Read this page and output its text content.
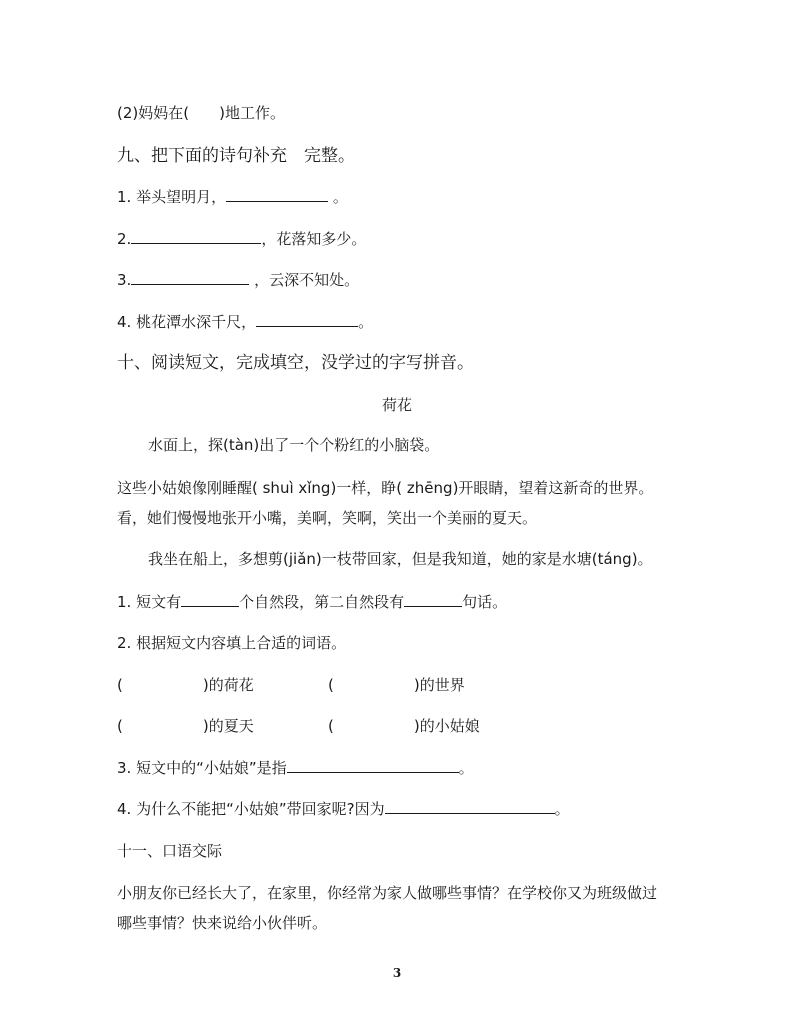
(2)妈妈在( )地工作。
九、把下面的诗句补充　完整。
1. 举头望明月，	。
2.	，花落知多少。
3.	，云深不知处。
4. 桃花潭水深千尺，	。
十、阅读短文，完成填空，没学过的字写拼音。
荷花
水面上，探(tàn)出了一个个粉红的小脑袋。
这些小姑娘像刚睡醒( shuì xǐng)一样，睁( zhēng)开眼睛，望着这新奇的世界。
看，她们慢慢地张开小嘴，美啊，笑啊，笑出一个美丽的夏天。
我坐在船上，多想剪(jiǎn)一枝带回家，但是我知道，她的家是水塘(táng)。
1. 短文有	个自然段，第二自然段有	句话。
2. 根据短文内容填上合适的词语。
(	)的荷花	(	)的世界
(	)的夏天	(	)的小姑娘
3. 短文中的“小姑娘”是指	。
4. 为什么不能把“小姑娘”带回家呢?因为	。
十一、口语交际
小朋友你已经长大了，在家里，你经常为家人做哪些事情？在学校你又为班级做过
哪些事情？快来说给小伙伴听。
3
